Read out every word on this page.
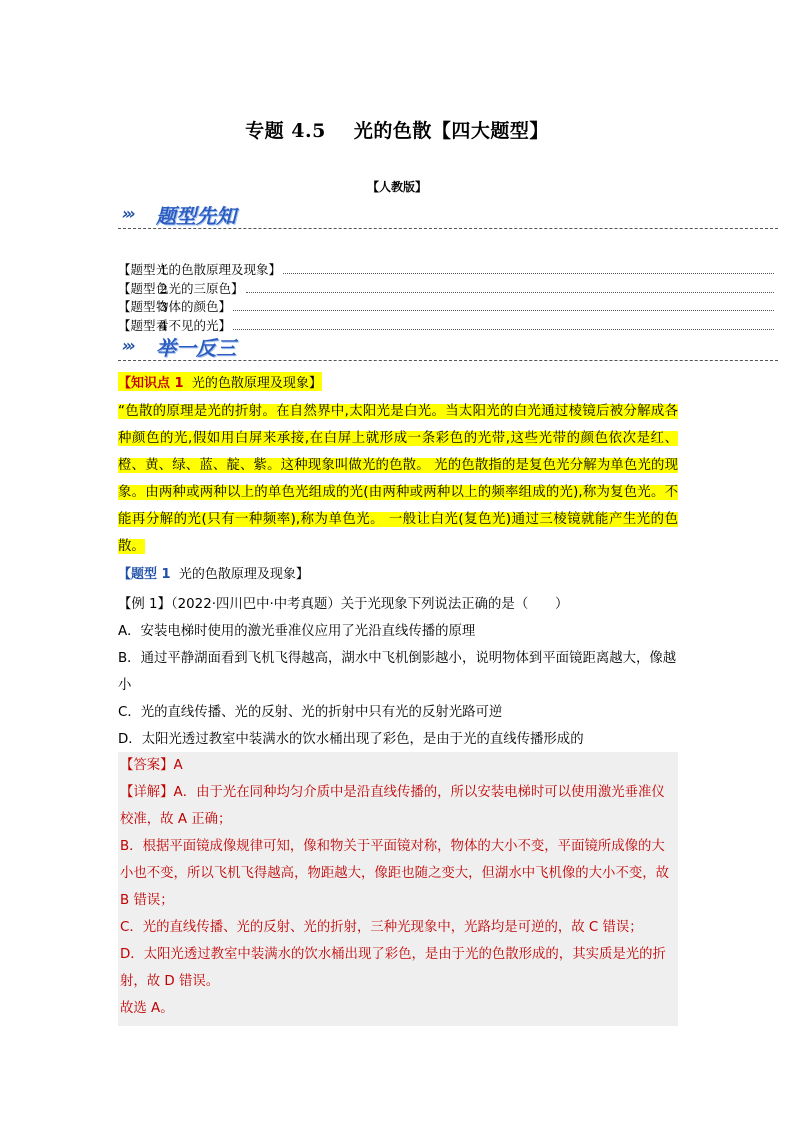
专题 4.5 光的色散【四大题型】
【人教版】
››› 题型先知
【题型 1光的色散原理及现象】
【题型 2色光的三原色】
【题型 3物体的颜色】
【题型 4看不见的光】
››› 举一反三
【知识点 1 光的色散原理及现象】
“色散的原理是光的折射。在自然界中,太阳光是白光。当太阳光的白光通过棱镜后被分解成各种颜色的光,假如用白屏来承接,在白屏上就形成一条彩色的光带,这些光带的颜色依次是红、橙、黄、绿、蓝、靛、紫。这种现象叫做光的色散。 光的色散指的是复色光分解为单色光的现象。由两种或两种以上的单色光组成的光(由两种或两种以上的频率组成的光),称为复色光。不能再分解的光(只有一种频率),称为单色光。 一般让白光(复色光)通过三棱镜就能产生光的色散。
【题型 1 光的色散原理及现象】

【例 1】（2022·四川巴中·中考真题）关于光现象下列说法正确的是（　　）

A．安装电梯时使用的激光垂准仪应用了光沿直线传播的原理

B．通过平静湖面看到飞机飞得越高，湖水中飞机倒影越小，说明物体到平面镜距离越大，像越小

C．光的直线传播、光的反射、光的折射中只有光的反射光路可逆

D．太阳光透过教室中装满水的饮水桶出现了彩色，是由于光的直线传播形成的

【答案】A

【详解】A．由于光在同种均匀介质中是沿直线传播的，所以安装电梯时可以使用激光垂准仪校准，故 A 正确；

B．根据平面镜成像规律可知，像和物关于平面镜对称，物体的大小不变，平面镜所成像的大小也不变，所以飞机飞得越高，物距越大，像距也随之变大，但湖水中飞机像的大小不变，故 B 错误；

C．光的直线传播、光的反射、光的折射，三种光现象中，光路均是可逆的，故 C 错误；

D．太阳光透过教室中装满水的饮水桶出现了彩色，是由于光的色散形成的，其实质是光的折射，故 D 错误。

故选 A。
